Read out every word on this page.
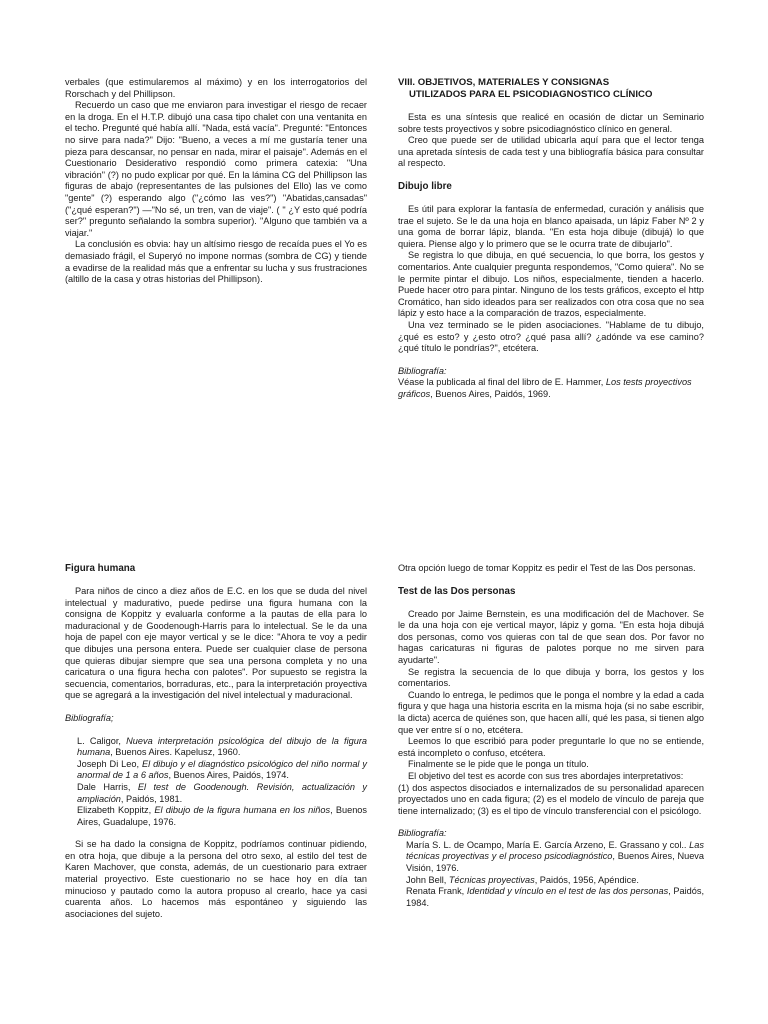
verbales (que estimularemos al máximo) y en los interrogatorios del Rorschach y del Phillipson.

Recuerdo un caso que me enviaron para investigar el riesgo de recaer en la droga. En el H.T.P. dibujó una casa tipo chalet con una ventanita en el techo. Pregunté qué había allí. "Nada, está vacía". Pregunté: "Entonces no sirve para nada?" Dijo: "Bueno, a veces a mí me gustaría tener una pieza para descansar, no pensar en nada, mirar el paisaje". Además en el Cuestionario Desiderativo respondió como primera catexia: "Una vibración" (?) no pudo explicar por qué. En la lámina CG del Phillipson las figuras de abajo (representantes de las pulsiones del Ello) las ve como "gente" (?) esperando algo ("¿cómo las ves?") "Abatidas,cansadas" ("¿qué esperan?") —"No sé, un tren, van de viaje". ( " ¿Y esto qué podría ser?" pregunto señalando la sombra superior). "Alguno que también va a viajar."

La conclusión es obvia: hay un altísimo riesgo de recaída pues el Yo es demasiado frágil, el Superyó no impone normas (sombra de CG) y tiende a evadirse de la realidad más que a enfrentar su lucha y sus frustraciones (altillo de la casa y otras historias del Phillipson).

VIII. OBJETIVOS, MATERIALES Y CONSIGNAS

UTILIZADOS PARA EL PSICODIAGNOSTICO CLÍNICO

Esta es una síntesis que realicé en ocasión de dictar un Seminario sobre tests proyectivos y sobre psicodiagnóstico clínico en general.

Creo que puede ser de utilidad ubicarla aquí para que el lector tenga una apretada síntesis de cada test y una bibliografía básica para consultar al respecto.

Dibujo libre

Es útil para explorar la fantasía de enfermedad, curación y análisis que trae el sujeto. Se le da una hoja en blanco apaisada, un lápiz Faber Nº 2 y una goma de borrar lápiz, blanda. "En esta hoja dibuje (dibujá) lo que quiera. Piense algo y lo primero que se le ocurra trate de dibujarlo".

Se registra lo que dibuja, en qué secuencia, lo que borra, los gestos y comentarios. Ante cualquier pregunta respondemos, "Como quiera". No se le permite pintar el dibujo. Los niños, especialmente, tienden a hacerlo. Puede hacer otro para pintar. Ninguno de los tests gráficos, excepto el http Cromático, han sido ideados para ser realizados con otra cosa que no sea lápiz y esto hace a la comparación de trazos, especialmente.

Una vez terminado se le piden asociaciones. "Hablame de tu dibujo, ¿qué es esto? y ¿esto otro? ¿qué pasa allí? ¿adónde va ese camino? ¿qué título le pondrías?", etcétera.

Bibliografía:

Véase la publicada al final del libro de E. Hammer, Los tests proyectivos gráficos, Buenos Aires, Paidós, 1969.

Figura humana

Para niños de cinco a diez años de E.C. en los que se duda del nivel intelectual y madurativo, puede pedirse una figura humana con la consigna de Koppitz y evaluarla conforme a la pautas de ella para lo maduracional y de Goodenough-Harris para lo intelectual. Se le da una hoja de papel con eje mayor vertical y se le dice: "Ahora te voy a pedir que dibujes una persona entera. Puede ser cualquier clase de persona que quieras dibujar siempre que sea una persona completa y no una caricatura o una figura hecha con palotes". Por supuesto se registra la secuencia, comentarios, borraduras, etc., para la interpretación proyectiva que se agregará a la investigación del nivel intelectual y maduracional.

Bibliografía;

L. Caligor, Nueva interpretación psicológica del dibujo de la figura humana, Buenos Aires. Kapelusz, 1960.

Joseph Di Leo, El dibujo y el diagnóstico psicológico del niño normal y anormal de 1 a 6 años, Buenos Aires, Paidós, 1974.

Dale Harris, El test de Goodenough. Revisión, actualización y ampliación, Paidós, 1981.

Elizabeth Koppitz, El dibujo de la figura humana en los niños, Buenos Aires, Guadalupe, 1976.

Si se ha dado la consigna de Koppitz, podríamos continuar pidiendo, en otra hoja, que dibuje a la persona del otro sexo, al estilo del test de Karen Machover, que consta, además, de un cuestionario para extraer material proyectivo. Este cuestionario no se hace hoy en día tan minucioso y pautado como la autora propuso al crearlo, hace ya casi cuarenta años. Lo hacemos más espontáneo y siguiendo las asociaciones del sujeto.

Otra opción luego de tomar Koppitz es pedir el Test de las Dos personas.

Test de las Dos personas

Creado por Jaime Bernstein, es una modificación del de Machover. Se le da una hoja con eje vertical mayor, lápiz y goma. "En esta hoja dibujá dos personas, como vos quieras con tal de que sean dos. Por favor no hagas caricaturas ni figuras de palotes porque no me sirven para ayudarte".

Se registra la secuencia de lo que dibuja y borra, los gestos y los comentarios.

Cuando lo entrega, le pedimos que le ponga el nombre y la edad a cada figura y que haga una historia escrita en la misma hoja (si no sabe escribir, la dicta) acerca de quiénes son, que hacen allí, qué les pasa, si tienen algo que ver entre sí o no, etcétera.

Leemos lo que escribió para poder preguntarle lo que no se entiende, está incompleto o confuso, etcétera.

Finalmente se le pide que le ponga un título.

El objetivo del test es acorde con sus tres abordajes interpretativos:

(1) dos aspectos disociados e internalizados de su personalidad aparecen proyectados uno en cada figura; (2) es el modelo de vínculo de pareja que tiene internalizado; (3) es el tipo de vínculo transferencial con el psicólogo.

Bibliografía:

María S. L. de Ocampo, María E. García Arzeno, E. Grassano y col.. Las técnicas proyectivas y el proceso psicodiagnóstico, Buenos Aires, Nueva Visión, 1976.

John Bell, Técnicas proyectivas, Paidós, 1956, Apéndice.

Renata Frank, Identidad y vínculo en el test de las dos personas, Paidós, 1984.
